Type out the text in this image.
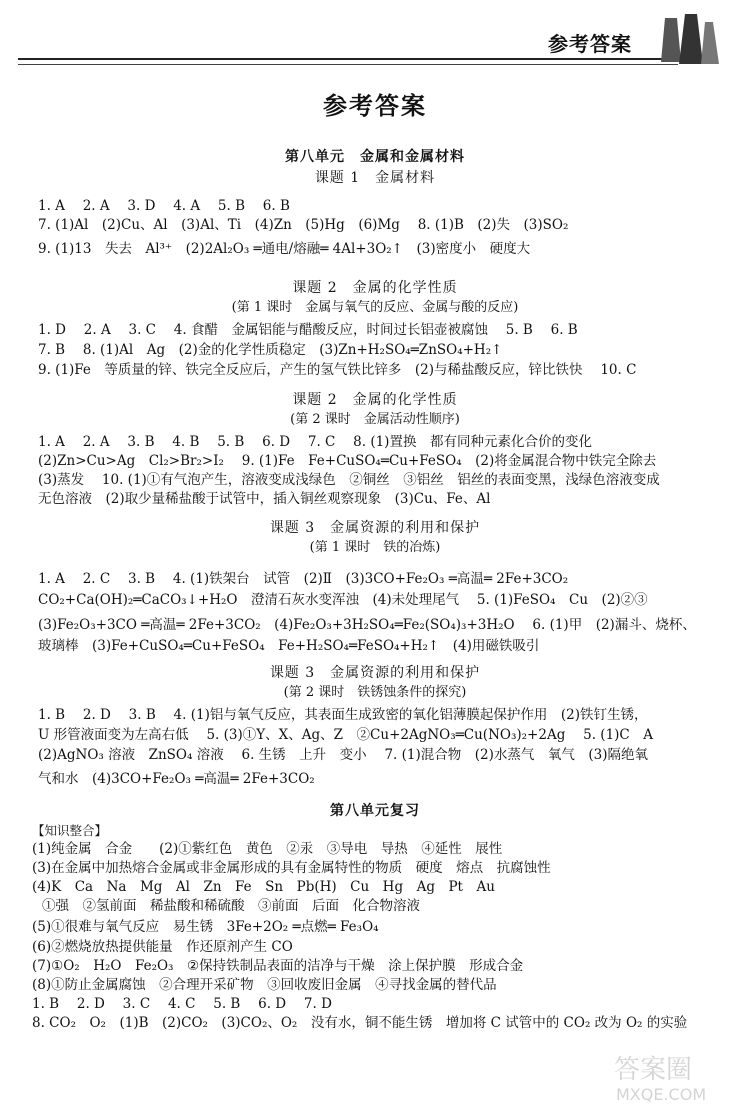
参考答案
参考答案
第八单元　金属和金属材料
课题 1　金属材料
1. A　 2. A　 3. D　 4. A　 5. B　 6. B
7. (1)Al　(2)Cu、Al　(3)Al、Ti　(4)Zn　(5)Hg　(6)Mg　 8. (1)B　(2)失　(3)SO₂
9. (1)13　失去　Al³⁺　(2)2Al₂O₃ ═通电/熔融═ 4Al+3O₂↑　(3)密度小　硬度大
课题 2　金属的化学性质
(第 1 课时　金属与氧气的反应、金属与酸的反应)
1. D　 2. A　 3. C　 4. 食醋　金属铝能与醋酸反应，时间过长铝壶被腐蚀　 5. B　 6. B
7. B　 8. (1)Al　Ag　(2)金的化学性质稳定　(3)Zn+H₂SO₄═ZnSO₄+H₂↑
9. (1)Fe　等质量的锌、铁完全反应后，产生的氢气铁比锌多　(2)与稀盐酸反应，锌比铁快　 10. C
课题 2　金属的化学性质
(第 2 课时　金属活动性顺序)
1. A　 2. A　 3. B　 4. B　 5. B　 6. D　 7. C　 8. (1)置换　都有同种元素化合价的变化
(2)Zn>Cu>Ag　Cl₂>Br₂>I₂　 9. (1)Fe　Fe+CuSO₄═Cu+FeSO₄　(2)将金属混合物中铁完全除去
(3)蒸发　 10. (1)①有气泡产生，溶液变成浅绿色　②铜丝　③铝丝　铝丝的表面变黑，浅绿色溶液变成
无色溶液　(2)取少量稀盐酸于试管中，插入铜丝观察现象　(3)Cu、Fe、Al
课题 3　金属资源的利用和保护
(第 1 课时　铁的冶炼)
1. A　 2. C　 3. B　 4. (1)铁架台　试管　(2)Ⅱ　(3)3CO+Fe₂O₃ ═高温═ 2Fe+3CO₂
CO₂+Ca(OH)₂═CaCO₃↓+H₂O　澄清石灰水变浑浊　(4)未处理尾气　 5. (1)FeSO₄　Cu　(2)②③
(3)Fe₂O₃+3CO ═高温═ 2Fe+3CO₂　(4)Fe₂O₃+3H₂SO₄═Fe₂(SO₄)₃+3H₂O　 6. (1)甲　(2)漏斗、烧杯、
玻璃棒　(3)Fe+CuSO₄═Cu+FeSO₄　Fe+H₂SO₄═FeSO₄+H₂↑　(4)用磁铁吸引
课题 3　金属资源的利用和保护
(第 2 课时　铁锈蚀条件的探究)
1. B　 2. D　 3. B　 4. (1)铝与氧气反应，其表面生成致密的氧化铝薄膜起保护作用　(2)铁钉生锈，
U 形管液面变为左高右低　 5. (3)①Y、X、Ag、Z　②Cu+2AgNO₃═Cu(NO₃)₂+2Ag　 5. (1)C　A
(2)AgNO₃ 溶液　ZnSO₄ 溶液　 6. 生锈　上升　变小　 7. (1)混合物　(2)水蒸气　氧气　(3)隔绝氧
气和水　(4)3CO+Fe₂O₃ ═高温═ 2Fe+3CO₂
第八单元复习
【知识整合】
(1)纯金属　合金　　(2)①紫红色　黄色　②汞　③导电　导热　④延性　展性
(3)在金属中加热熔合金属或非金属形成的具有金属特性的物质　硬度　熔点　抗腐蚀性
(4)K　Ca　Na　Mg　Al　Zn　Fe　Sn　Pb(H)　Cu　Hg　Ag　Pt　Au
①强　②氢前面　稀盐酸和稀硫酸　③前面　后面　化合物溶液
(5)①很难与氧气反应　易生锈　3Fe+2O₂ ═点燃═ Fe₃O₄
(6)②燃烧放热提供能量　作还原剂产生 CO
(7)①O₂　H₂O　Fe₂O₃　②保持铁制品表面的洁净与干燥　涂上保护膜　形成合金
(8)①防止金属腐蚀　②合理开采矿物　③回收废旧金属　④寻找金属的替代品
1. B　 2. D　 3. C　 4. C　 5. B　 6. D　 7. D
8. CO₂　O₂　(1)B　(2)CO₂　(3)CO₂、O₂　没有水，铜不能生锈　增加将 C 试管中的 CO₂ 改为 O₂ 的实验
答案圈
MXQE.COM
